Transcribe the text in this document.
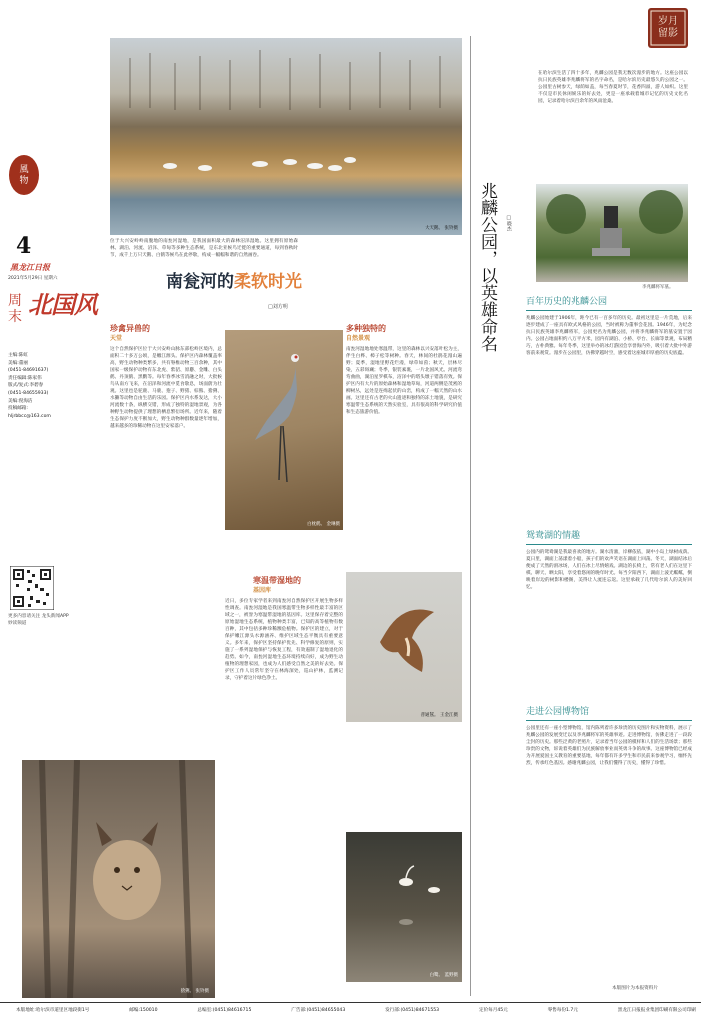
風
物
4
黑龙江日报
2021年5月29日 星期六
周末 北国风
主编:陈虹
美编:董丽
(0451-84691637)
责任编辑:陈家伟
版式/复式:李碧春
(0451-84655933)
美编:倪海洁
投稿邮箱:
hljrbbcc@163.com
更多内容请关注 龙头新闻APP 妙读频道
大天鹅。 张铃摄
位于大兴安岭岭南腹地的南瓮河湿地，是我国面积最大的森林沼泽湿地。这里拥有原始森林、湖泊、河流、沼泽、草甸等多种生态系统，是东北亚候鸟迁徙的重要通道，每到春秋时节，成千上万只天鹅、白鹤等候鸟在此停歇，构成一幅幅和谐的自然画卷。
南瓮河的柔软时光
□刘方明
珍禽异兽的
天堂
这个自然保护区位于大兴安岭山脉东部松岭区境内，总面积二十多万公顷，是嫩江源头。保护区内森林覆盖率高，野生动物种类繁多，共有脊椎动物三百余种，其中国家一级保护动物有东北虎、紫貂、原麝、金雕、白头鹤、丹顶鹤、黑鹳等。每年春季冰雪消融之时，大批候鸟从南方飞来，在沼泽和河流中觅食歇息，场面蔚为壮观。这里也是驼鹿、马鹿、狍子、野猪、棕熊、猞猁、水獭等动物自由生活的乐园。保护区内水系发达，大小河流数十条，纵横交错，形成了独特的湿地景观，为各种野生动物提供了理想的栖息繁衍场所。近年来，随着生态保护力度不断加大，野生动物种群数量逐年增加，越来越多的珍稀动物在这里安家落户。
白枕鹤。 金琳摄
多种独特的
自然景观
南瓮河湿地地处寒温带，这里的森林以兴安落叶松为主，伴生白桦、樟子松等树种。春天，林间的杜鹃花漫山遍野；夏季，湿地里野花烂漫，绿草如茵；秋天，层林尽染，五彩斑斓；冬季，银装素裹，一片北国风光。河流弯弯曲曲，湖泊星罗棋布，沼泽中的塔头墩子错落有致。保护区内有大片的原始森林和湿地草甸，河道两侧是茂密的柳树丛，远处是连绵起伏的山峦，构成了一幅天然的山水画。这里还有古老的火山遗迹和独特的冻土地貌，是研究寒温带生态系统的天然实验室，具有很高的科学研究价值和生态旅游价值。
寒温带湿地的
基因库
近日，多位专家学者来到南瓮河自然保护区开展生物多样性调查。南瓮河湿地是我国寒温带生物多样性最丰富的区域之一，被誉为寒温带湿地的基因库。这里保存着完整的原始湿地生态系统，植物种类丰富，已知的高等植物有数百种，其中包括多种珍稀濒危植物。保护区的建立，对于保护嫩江源头水源涵养、维护区域生态平衡具有重要意义。多年来，保护区坚持保护优先、科学修复的原则，实施了一系列湿地保护与恢复工程，有效遏制了湿地退化的趋势。如今，南瓮河湿地生态环境持续向好，成为野生动植物的理想家园，也成为人们感受自然之美的好去处。保护区工作人员常年坚守在林海深处，巡山护林，监测记录，守护着这片绿色净土。
普通鵟。 王金江摄
白鹭。 蓝野摄
猞猁。 张铃摄
岁月留影
在哈尔滨生活了四十多年，兆麟公园是我无数次漫步的地方。这座公园以抗日民族英雄李兆麟将军的名字命名，是哈尔滨历史最悠久的公园之一。公园里古树参天，绿荫如盖，每当春夏时节，花香四溢，游人如织。这里不仅是市民休闲娱乐的好去处，更是一座承载着城市记忆的历史文化名园，记录着哈尔滨百余年的风雨沧桑。
兆麟公园，以英雄命名 □晓杰
李兆麟将军墓。
百年历史的兆麟公园
兆麟公园始建于1906年，距今已有一百多年的历史。最初这里是一片荒地，后来逐步建成了一座具有欧式风格的公园，当时被称为董事会花园。1946年，为纪念抗日民族英雄李兆麟将军，公园更名为兆麟公园，并将李兆麟将军的墓安置于园内。公园占地面积约八万平方米，园内有湖泊、小桥、亭台、长廊等景观，布局精巧，古朴典雅。每年冬季，这里举办的冰灯游园会享誉海内外，吸引着大批中外游客前来观赏。漫步在公园里，仿佛穿越时空，感受着这座城市厚重的历史底蕴。
鸳鸯湖的情趣
公园内的鸳鸯湖是我最喜欢的地方。湖水清澈，岸柳依依，湖中小岛上绿树成荫。夏日里，湖面上荡漾着小船，孩子们的欢声笑语在湖面上回荡。冬天，湖面结冰后便成了天然的滑冰场，人们在冰上尽情嬉戏。湖边的长椅上，常有老人们在这里下棋、聊天、晒太阳，享受着悠闲的晚年时光。每当夕阳西下，湖面上波光粼粼，倒映着岸边的树影和楼阁，美得让人流连忘返。这里承载了几代哈尔滨人的美好回忆。
走进公园博物馆
公园里还有一座小型博物馆，馆内陈列着许多珍贵的历史图片和实物资料，展示了兆麟公园的发展变迁以及李兆麟将军的英雄事迹。走进博物馆，仿佛走进了一段段尘封的历史。那些泛黄的老照片，记录着当年公园的模样和人们的生活场景；那些珍贵的文物，诉说着英雄们为民族解放事业而英勇斗争的故事。这座博物馆已经成为开展爱国主义教育的重要基地，每年都有许多学生和市民前来参观学习，缅怀先烈，传承红色基因。感谢兆麟公园，让我们懂得了历史，懂得了珍惜。
本版图片为本报资料片
本版地址:哈尔滨市道里区地段街1号	邮编:150010	总编室:(0451)84616715	广告部:(0451)84655043	发行部:(0451)84671553	定价每月45元	零售每份1.7元	黑龙江日报报业集团印刷有限公司印刷
